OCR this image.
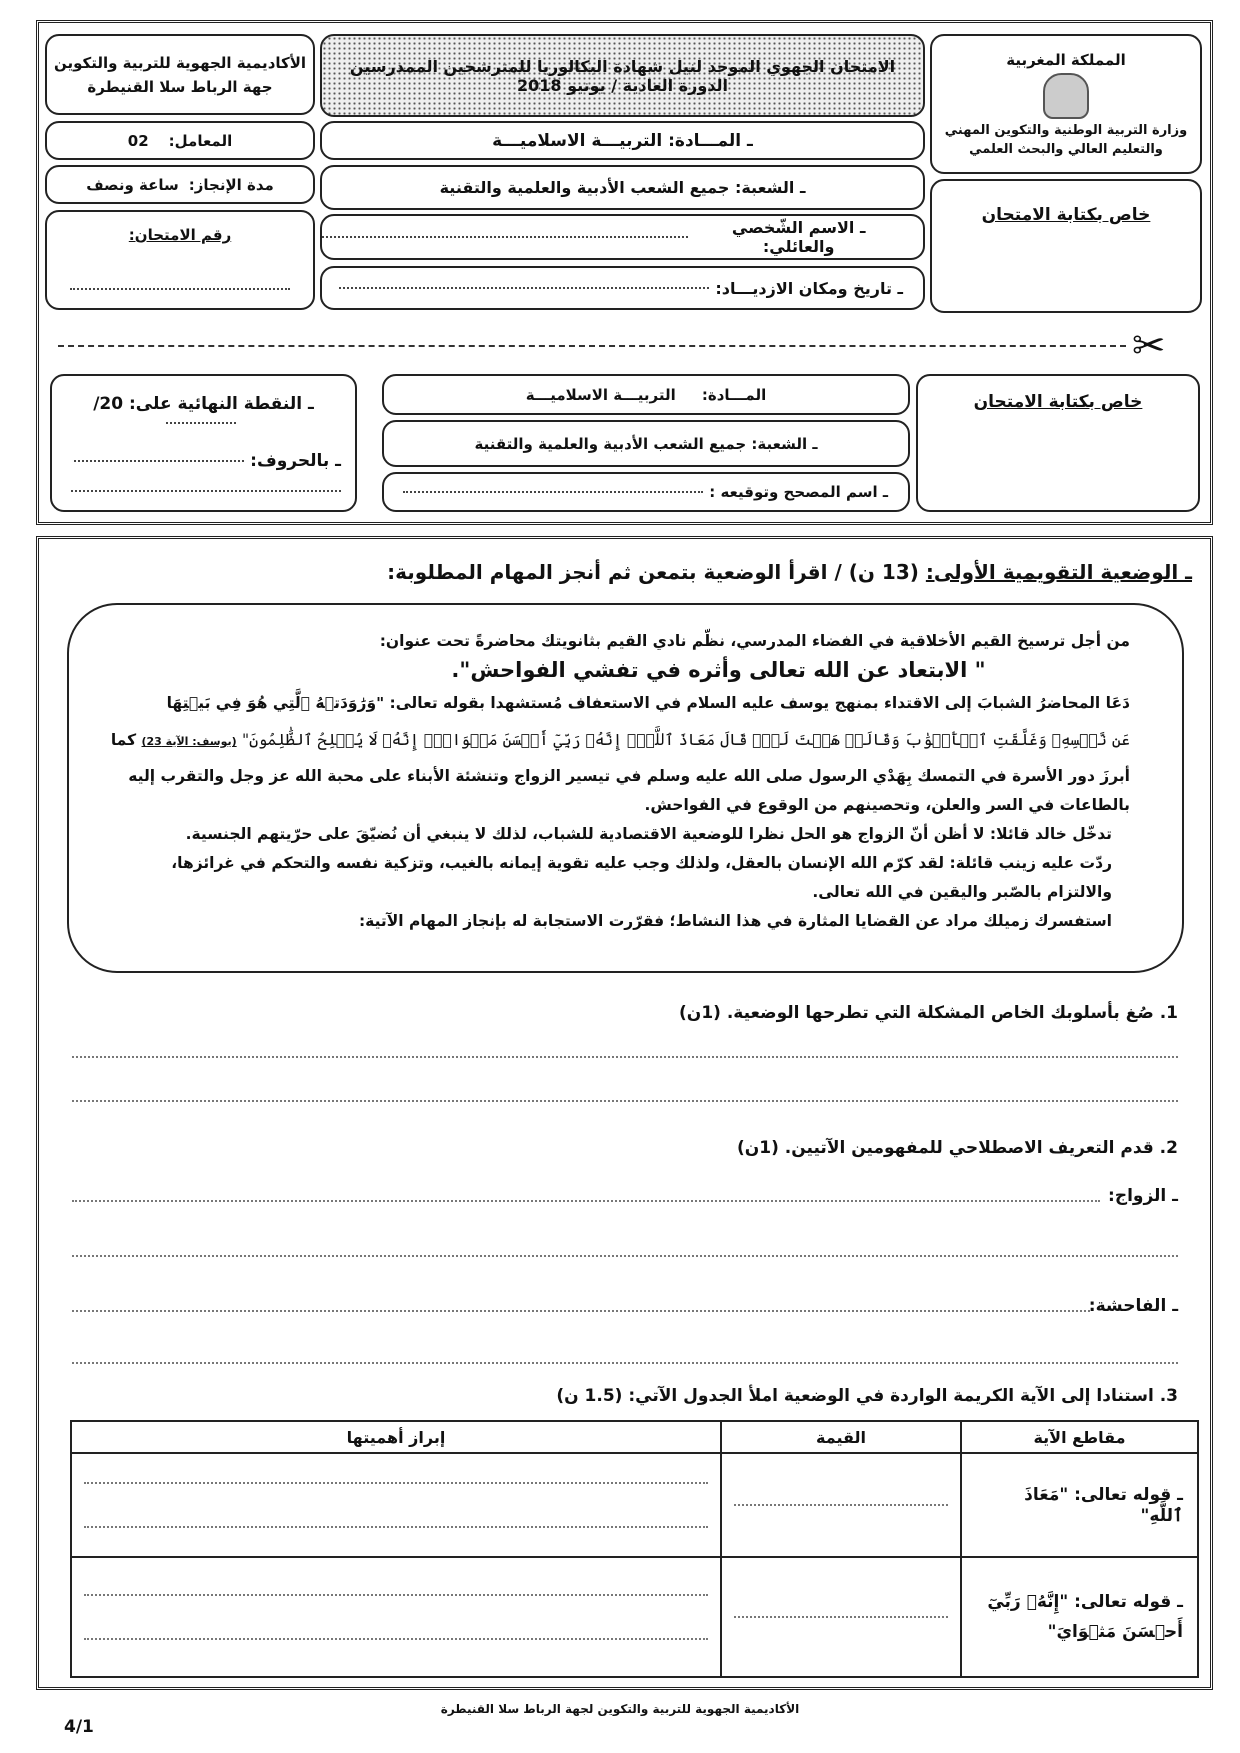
المملكة المغربية
وزارة التربية الوطنية والتكوين المهني
والتعليم العالي والبحث العلمي
خاص بكتابة الامتحان
الامتحان الجهوي الموحد لنيل شهادة البكالوريا للمترشحين الممدرسين
الدورة العادية / يونيو 2018
ـ المـــادة: التربيـــة الاسلاميـــة
ـ الشعبة: جميع الشعب الأدبية والعلمية والتقنية
ـ الاسم الشّخصي والعائلي:
ـ تاريخ ومكان الازديـــاد:
الأكاديمية الجهوية للتربية والتكوين
جهة الرباط سلا القنيطرة
المعامل:
02
مدة الإنجاز:
ساعة ونصف
رقم الامتحان:
✂
خاص بكتابة الامتحان
المـــادة:     التربيـــة الاسلاميـــة
ـ الشعبة: جميع الشعب الأدبية والعلمية والتقنية
ـ اسم المصحح وتوقيعه :
ـ النقطة النهائية على: 20/
ـ بالحروف:
ـ الوضعية التقويمية الأولى: (13 ن) / اقرأ الوضعية بتمعن ثم أنجز المهام المطلوبة:
من أجل ترسيخ القيم الأخلاقية في الفضاء المدرسي، نظّم نادي القيم بثانويتك محاضرةً تحت عنوان:
" الابتعاد عن الله تعالى وأثره في تفشي الفواحش".
دَعَا المحاضرُ الشبابَ إلى الاقتداء بمنهج يوسف عليه السلام في الاستعفاف مُستشهدا بقوله تعالى: "وَرَٰوَدَتۡهُ ٱلَّتِي هُوَ فِي بَيۡتِهَا
عَن نَّفۡسِهِۦ وَغَلَّقَتِ ٱلۡأَبۡوَٰبَ وَقَالَتۡ هَيۡتَ لَكَۚ قَالَ مَعَاذَ ٱللَّهِۖ إِنَّهُۥ رَبِّيٓ أَحۡسَنَ مَثۡوَايَۖ إِنَّهُۥ لَا يُفۡلِحُ ٱلظَّٰلِمُونَ" (يوسف: الآية 23) كما
أبرزَ دور الأسرة في التمسك بِهَدْي الرسول صلى الله عليه وسلم في تيسير الزواج وتنشئة الأبناء على محبة الله عز وجل والتقرب إليه بالطاعات في السر والعلن، وتحصينهم من الوقوع في الفواحش.
تدخّل خالد قائلا: لا أظن أنّ الزواج هو الحل نظرا للوضعية الاقتصادية للشباب، لذلك لا ينبغي أن نُضيّقَ على حرّيتهم الجنسية.
ردّت عليه زينب قائلة: لقد كرّم الله الإنسان بالعقل، ولذلك وجب عليه تقوية إيمانه بالغيب، وتزكية نفسه والتحكم في غرائزها، والالتزام بالصّبر واليقين في الله تعالى.
استفسرك زميلك مراد عن القضايا المثارة في هذا النشاط؛ فقرّرت الاستجابة له بإنجاز المهام الآتية:
1. صُغ بأسلوبك الخاص المشكلة التي تطرحها الوضعية. (1ن)
2. قدم التعريف الاصطلاحي للمفهومين الآتيين. (1ن)
ـ الزواج:
ـ الفاحشة:
3. استنادا إلى الآية الكريمة الواردة في الوضعية املأ الجدول الآتي: (1.5 ن)
مقاطع الآية	القيمة	إبراز أهميتها
ـ قوله تعالى: "مَعَاذَ ٱللَّهِ"	

ـ قوله تعالى: "إِنَّهُۥ رَبِّيٓ أَحۡسَنَ مَثۡوَايَ"	

الأكاديمية الجهوية للتربية والتكوين لجهة الرباط سلا القنيطرة
4/1
